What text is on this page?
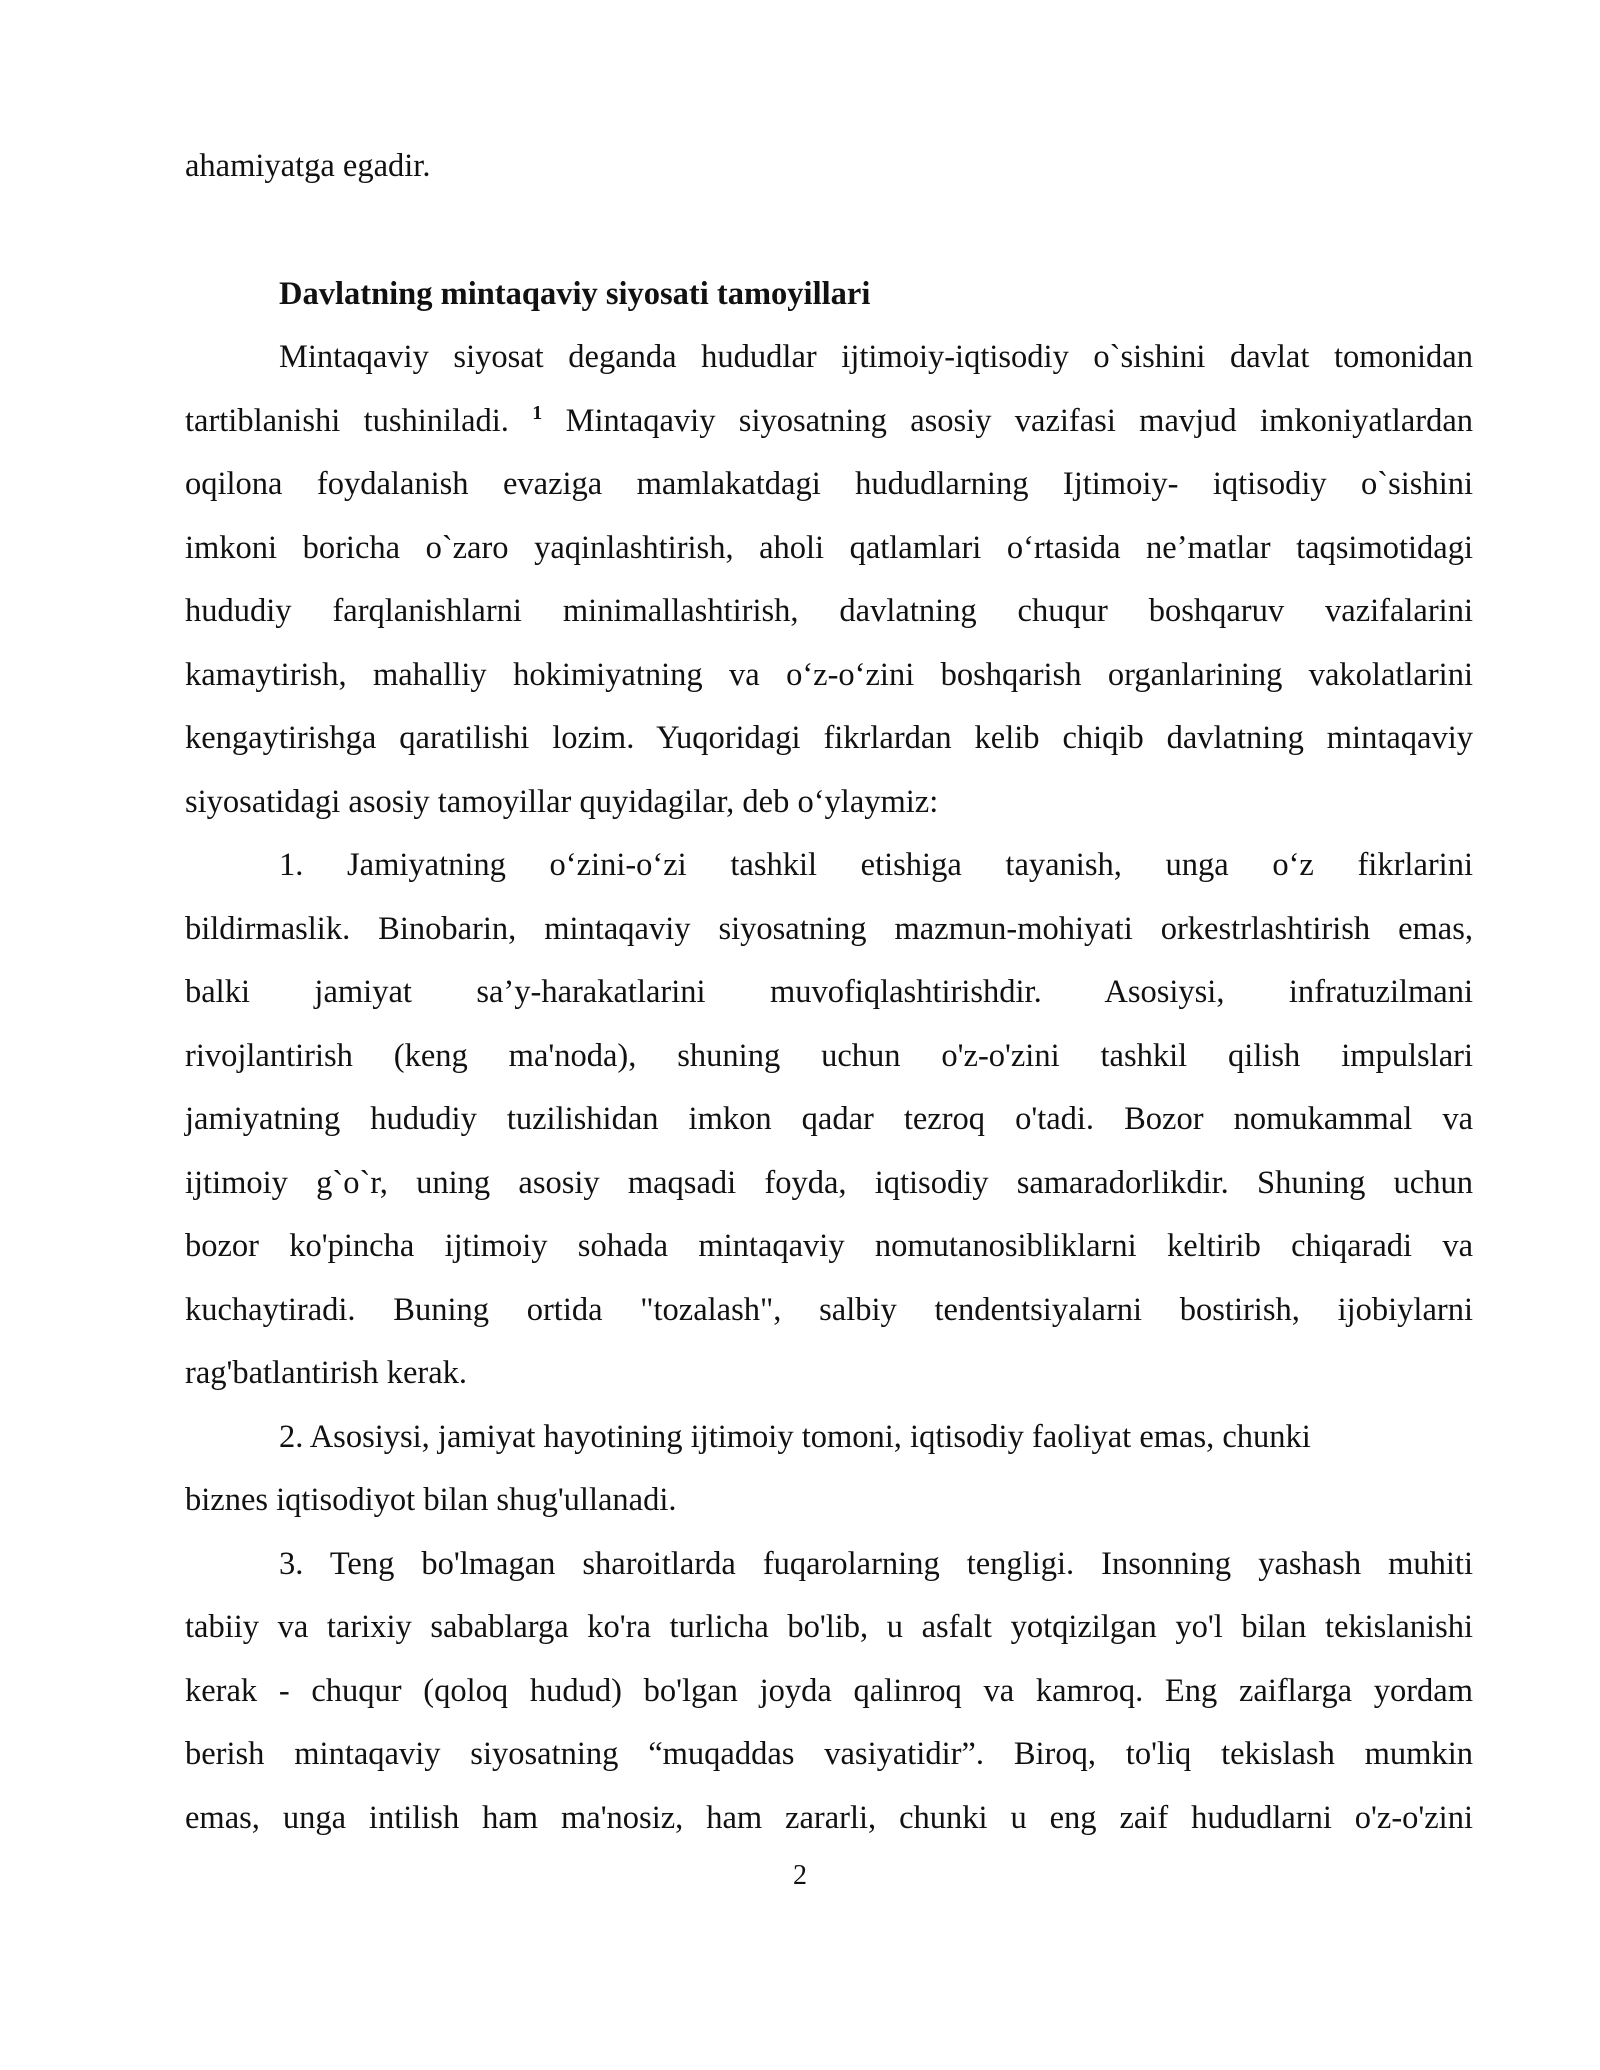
ahamiyatga egadir.
Davlatning mintaqaviy siyosati tamoyillari
Mintaqaviy siyosat deganda hududlar ijtimoiy-iqtisodiy o`sishini davlat tomonidan
tartiblanishi tushiniladi. $^1$ Mintaqaviy siyosatning asosiy vazifasi mavjud imkoniyatlardan
oqilona foydalanish evaziga mamlakatdagi hududlarning Ijtimoiy- iqtisodiy o`sishini
imkoni boricha o`zaro yaqinlashtirish, aholi qatlamlari oʻrtasida neʼmatlar taqsimotidagi
hududiy farqlanishlarni minimallashtirish, davlatning chuqur boshqaruv vazifalarini
kamaytirish, mahalliy hokimiyatning va oʻz-oʻzini boshqarish organlarining vakolatlarini
kengaytirishga qaratilishi lozim. Yuqoridagi fikrlardan kelib chiqib davlatning mintaqaviy
siyosatidagi asosiy tamoyillar quyidagilar, deb oʻylaymiz:
1. Jamiyatning oʻzini-oʻzi tashkil etishiga tayanish, unga oʻz fikrlarini
bildirmaslik. Binobarin, mintaqaviy siyosatning mazmun-mohiyati orkestrlashtirish emas,
balki jamiyat sa’y-harakatlarini muvofiqlashtirishdir. Asosiysi, infratuzilmani
rivojlantirish (keng ma'noda), shuning uchun o'z-o'zini tashkil qilish impulslari
jamiyatning hududiy tuzilishidan imkon qadar tezroq o'tadi. Bozor nomukammal va
ijtimoiy g`o`r, uning asosiy maqsadi foyda, iqtisodiy samaradorlikdir. Shuning uchun
bozor ko'pincha ijtimoiy sohada mintaqaviy nomutanosibliklarni keltirib chiqaradi va
kuchaytiradi. Buning ortida "tozalash", salbiy tendentsiyalarni bostirish, ijobiylarni
rag'batlantirish kerak.
2. Asosiysi, jamiyat hayotining ijtimoiy tomoni, iqtisodiy faoliyat emas, chunki
biznes iqtisodiyot bilan shug'ullanadi.
3. Teng bo'lmagan sharoitlarda fuqarolarning tengligi. Insonning yashash muhiti
tabiiy va tarixiy sabablarga ko'ra turlicha bo'lib, u asfalt yotqizilgan yo'l bilan tekislanishi
kerak - chuqur (qoloq hudud) bo'lgan joyda qalinroq va kamroq. Eng zaiflarga yordam
berish mintaqaviy siyosatning “muqaddas vasiyatidir”. Biroq, to'liq tekislash mumkin
emas, unga intilish ham ma'nosiz, ham zararli, chunki u eng zaif hududlarni o'z-o'zini
2
